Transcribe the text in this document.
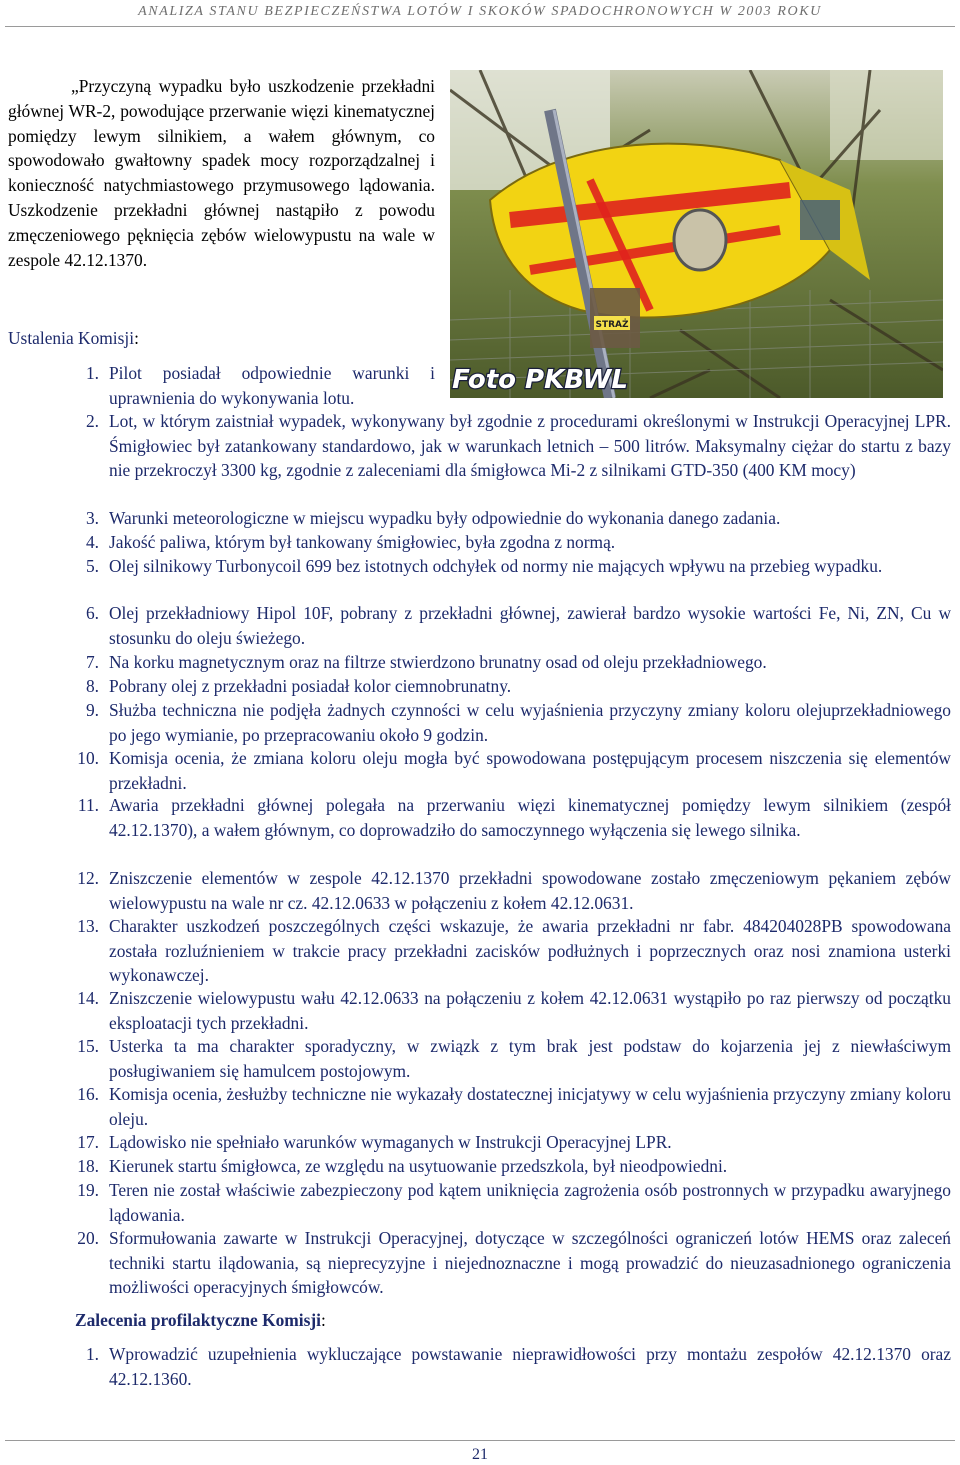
ANALIZA STANU BEZPIECZEŃSTWA LOTÓW I SKOKÓW SPADOCHRONOWYCH W 2003 ROKU

„Przyczyną wypadku było uszkodzenie przekładni głównej WR-2, powodujące przerwanie więzi kinematycznej pomiędzy lewym silnikiem, a wałem głównym, co spowodowało gwałtowny spadek mocy rozporządzalnej i konieczność natychmiastowego przymusowego lądowania. Uszkodzenie przekładni głównej nastąpiło z powodu zmęczeniowego pęknięcia zębów wielowypustu na wale w zespole 42.12.1370.

STRAŻ
Foto PKBWL
Ustalenia Komisji:
1. Pilot posiadał odpowiednie warunki i uprawnienia do wykonywania lotu.
2. Lot, w którym zaistniał wypadek, wykonywany był zgodnie z procedurami określonymi w Instrukcji Operacyjnej LPR. Śmigłowiec był zatankowany standardowo, jak w warunkach letnich – 500 litrów. Maksymalny ciężar do startu z bazy nie przekroczył 3300 kg, zgodnie z zaleceniami dla śmigłowca Mi-2 z silnikami GTD-350 (400 KM mocy)
3. Warunki meteorologiczne w miejscu wypadku były odpowiednie do wykonania danego zadania.
4. Jakość paliwa, którym był tankowany śmigłowiec, była zgodna z normą.
5. Olej silnikowy Turbonycoil 699 bez istotnych odchyłek od normy nie mających wpływu na przebieg wypadku.
6. Olej przekładniowy Hipol 10F, pobrany z przekładni głównej, zawierał bardzo wysokie wartości Fe, Ni, ZN, Cu w stosunku do oleju świeżego.
7. Na korku magnetycznym oraz na filtrze stwierdzono brunatny osad od oleju przekładniowego.
8. Pobrany olej z przekładni posiadał kolor ciemnobrunatny.
9. Służba techniczna nie podjęła żadnych czynności w celu wyjaśnienia przyczyny zmiany koloru olejuprzekładniowego po jego wymianie, po przepracowaniu około 9 godzin.
10. Komisja ocenia, że zmiana koloru oleju mogła być spowodowana postępującym procesem niszczenia się elementów przekładni.
11. Awaria przekładni głównej polegała na przerwaniu więzi kinematycznej pomiędzy lewym silnikiem (zespół 42.12.1370), a wałem głównym, co doprowadziło do samoczynnego wyłączenia się lewego silnika.
12. Zniszczenie elementów w zespole 42.12.1370 przekładni spowodowane zostało zmęczeniowym pękaniem zębów wielowypustu na wale nr cz. 42.12.0633 w połączeniu z kołem 42.12.0631.
13. Charakter uszkodzeń poszczególnych części wskazuje, że awaria przekładni nr fabr. 484204028PB spowodowana została rozluźnieniem w trakcie pracy przekładni zacisków podłużnych i poprzecznych oraz nosi znamiona usterki wykonawczej.
14. Zniszczenie wielowypustu wału 42.12.0633 na połączeniu z kołem 42.12.0631 wystąpiło po raz pierwszy od początku eksploatacji tych przekładni.
15. Usterka ta ma charakter sporadyczny, w związk z tym brak jest podstaw do kojarzenia jej z niewłaściwym posługiwaniem się hamulcem postojowym.
16. Komisja ocenia, żesłużby techniczne nie wykazały dostatecznej inicjatywy w celu wyjaśnienia przyczyny zmiany koloru oleju.
17. Lądowisko nie spełniało warunków wymaganych w Instrukcji Operacyjnej LPR.
18. Kierunek startu śmigłowca, ze względu na usytuowanie przedszkola, był nieodpowiedni.
19. Teren nie został właściwie zabezpieczony pod kątem uniknięcia zagrożenia osób postronnych w przypadku awaryjnego lądowania.
20. Sformułowania zawarte w Instrukcji Operacyjnej, dotyczące w szczególności ograniczeń lotów HEMS oraz zaleceń techniki startu ilądowania, są nieprecyzyjne i niejednoznaczne i mogą prowadzić do nieuzasadnionego ograniczenia możliwości operacyjnych śmigłowców.
Zalecenia profilaktyczne Komisji:
1. Wprowadzić uzupełnienia wykluczające powstawanie nieprawidłowości przy montażu zespołów 42.12.1370 oraz 42.12.1360.
21
